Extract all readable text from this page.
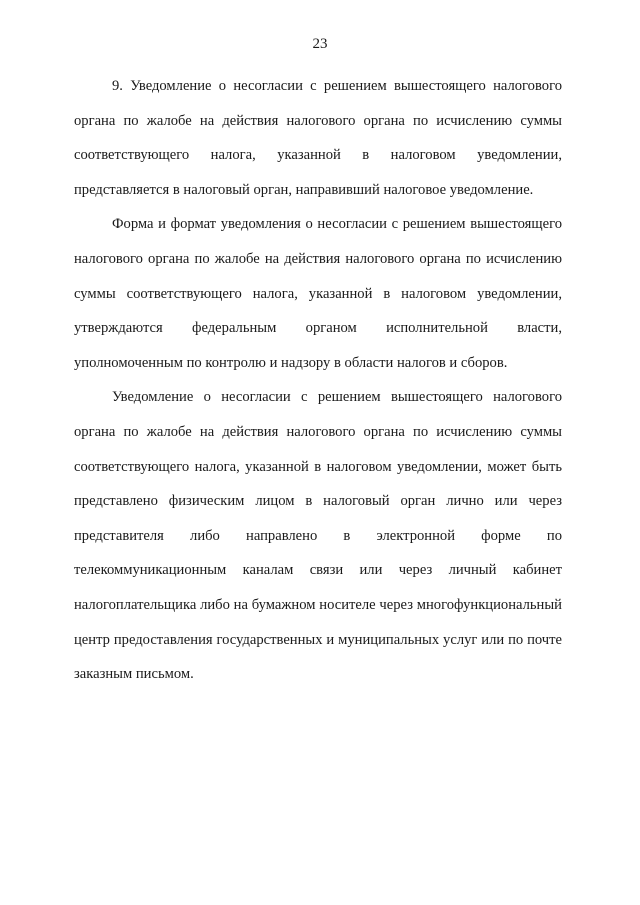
23

9. Уведомление о несогласии с решением вышестоящего налогового органа по жалобе на действия налогового органа по исчислению суммы соответствующего налога, указанной в налоговом уведомлении, представляется в налоговый орган, направивший налоговое уведомление.

Форма и формат уведомления о несогласии с решением вышестоящего налогового органа по жалобе на действия налогового органа по исчислению суммы соответствующего налога, указанной в налоговом уведомлении, утверждаются федеральным органом исполнительной власти, уполномоченным по контролю и надзору в области налогов и сборов.

Уведомление о несогласии с решением вышестоящего налогового органа по жалобе на действия налогового органа по исчислению суммы соответствующего налога, указанной в налоговом уведомлении, может быть представлено физическим лицом в налоговый орган лично или через представителя либо направлено в электронной форме по телекоммуникационным каналам связи или через личный кабинет налогоплательщика либо на бумажном носителе через многофункциональный центр предоставления государственных и муниципальных услуг или по почте заказным письмом.
